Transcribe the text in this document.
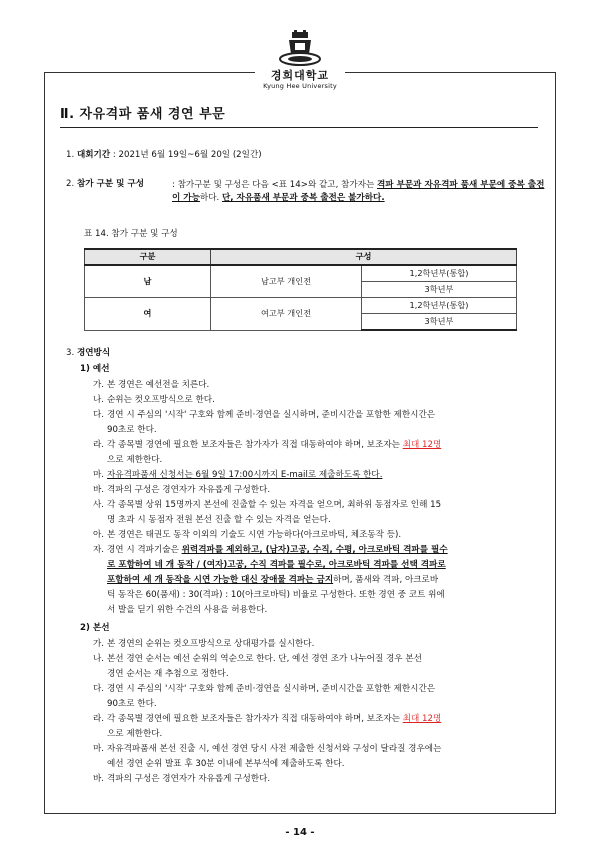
경희대학교
Kyung Hee University
Ⅱ. 자유격파 품새 경연 부문
1. 대회기간 : 2021년 6월 19일~6월 20일 (2일간)
2. 참가 구분 및 구성	: 참가구분 및 구성은 다음 <표 14>와 같고, 참가자는 격파 부문과 자유격파 품새 부문에 중복 출전이 가능하다. 단, 자유품새 부문과 중복 출전은 불가하다.
표 14. 참가 구분 및 구성
구분	구성	
남	남고부 개인전	1,2학년부(통합)
		3학년부
여	여고부 개인전	1,2학년부(통합)
		3학년부
3. 경연방식
1) 예선
가. 본 경연은 예선전을 치른다.
나. 순위는 컷오프방식으로 한다.
다. 경연 시 주심의 '시작' 구호와 함께 준비·경연을 실시하며, 준비시간을 포함한 제한시간은
90초로 한다.
라. 각 종목별 경연에 필요한 보조자들은 참가자가 직접 대동하여야 하며, 보조자는 최대 12명
으로 제한한다.
마. 자유격파품새 신청서는 6월 9일 17:00시까지 E-mail로 제출하도록 한다.
바. 격파의 구성은 경연자가 자유롭게 구성한다.
사. 각 종목별 상위 15명까지 본선에 진출할 수 있는 자격을 얻으며, 최하위 동점자로 인해 15
명 초과 시 동점자 전원 본선 진출 할 수 있는 자격을 얻는다.
아. 본 경연은 태권도 동작 이외의 기술도 시연 가능하다(아크로바틱, 체조동작 등).
자. 경연 시 격파기술은 위력격파를 제외하고, (남자)고공, 수직, 수평, 아크로바틱 격파를 필수
로 포함하여 네 개 동작 / (여자)고공, 수직 격파를 필수로, 아크로바틱 격파를 선택 격파로
포함하여 세 개 동작을 시연 가능한 대신 장애물 격파는 금지하며, 품새와 격파, 아크로바
틱 동작은 60(품새) : 30(격파) : 10(아크로바틱) 비율로 구성한다. 또한 경연 중 코트 위에
서 발을 딛기 위한 수건의 사용을 허용한다.
2) 본선
가. 본 경연의 순위는 컷오프방식으로 상대평가를 실시한다.
나. 본선 경연 순서는 예선 순위의 역순으로 한다. 단, 예선 경연 조가 나누어질 경우 본선
경연 순서는 재 추첨으로 정한다.
다. 경연 시 주심의 '시작' 구호와 함께 준비·경연을 실시하며, 준비시간을 포함한 제한시간은
90초로 한다.
라. 각 종목별 경연에 필요한 보조자들은 참가자가 직접 대동하여야 하며, 보조자는 최대 12명
으로 제한한다.
마. 자유격파품새 본선 진출 시, 예선 경연 당시 사전 제출한 신청서와 구성이 달라질 경우에는
예선 경연 순위 발표 후 30분 이내에 본부석에 제출하도록 한다.
바. 격파의 구성은 경연자가 자유롭게 구성한다.
- 14 -
